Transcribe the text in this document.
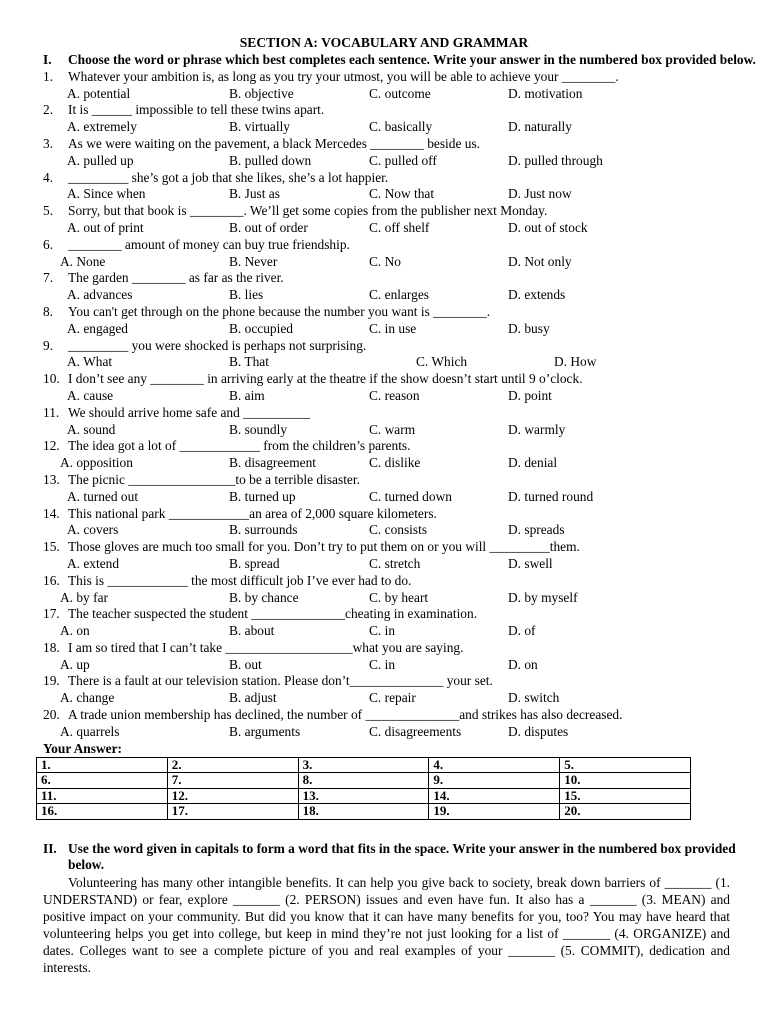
SECTION A: VOCABULARY AND GRAMMAR
I. Choose the word or phrase which best completes each sentence. Write your answer in the numbered box provided below.
1. Whatever your ambition is, as long as you try your utmost, you will be able to achieve your ________.
A. potential	B. objective	C. outcome	D. motivation
2. It is ______ impossible to tell these twins apart.
A. extremely	B. virtually	C. basically	D. naturally
3. As we were waiting on the pavement, a black Mercedes ________ beside us.
A. pulled up	B. pulled down	C. pulled off	D. pulled through
4. _________ she’s got a job that she likes, she’s a lot happier.
A. Since when	B. Just as	C. Now that	D. Just now
5. Sorry, but that book is ________. We’ll get some copies from the publisher next Monday.
A. out of print	B. out of order	C. off shelf	D. out of stock
6. ________ amount of money can buy true friendship.
A. None	B. Never	C. No	D. Not only
7. The garden ________ as far as the river.
A. advances	B. lies	C. enlarges	D. extends
8. You can't get through on the phone because the number you want is ________.
A. engaged	B. occupied	C. in use	D. busy
9. _________ you were shocked is perhaps not surprising.
A. What	B. That	C. Which	D. How
10. I don’t see any ________ in arriving early at the theatre if the show doesn’t start until 9 o’clock.
A. cause	B. aim	C. reason	D. point
11. We should arrive home safe and __________
A. sound	B. soundly	C. warm	D. warmly
12. The idea got a lot of ____________ from the children’s parents.
A. opposition	B. disagreement	C. dislike	D. denial
13. The picnic ________________to be a terrible disaster.
A. turned out	B. turned up	C. turned down	D. turned round
14. This national park ____________an area of 2,000 square kilometers.
A. covers	B. surrounds	C. consists	D. spreads
15. Those gloves are much too small for you. Don’t try to put them on or you will _________them.
A. extend	B. spread	C. stretch	D. swell
16. This is ____________ the most difficult job I’ve ever had to do.
A. by far	B. by chance	C. by heart	D. by myself
17. The teacher suspected the student ______________cheating in examination.
A. on	B. about	C. in	D. of
18. I am so tired that I can’t take ___________________what you are saying.
A. up	B. out	C. in	D. on
19. There is a fault at our television station. Please don’t______________ your set.
A. change	B. adjust	C. repair	D. switch
20. A trade union membership has declined, the number of ______________and strikes has also decreased.
A. quarrels	B. arguments	C. disagreements	D. disputes
Your Answer:
1.	2.	3.	4.	5.
6.	7.	8.	9.	10.
11.	12.	13.	14.	15.
16.	17.	18.	19.	20.
II. Use the word given in capitals to form a word that fits in the space. Write your answer in the numbered box provided below.
Volunteering has many other intangible benefits. It can help you give back to society, break down barriers of _______ (1. UNDERSTAND) or fear, explore _______ (2. PERSON) issues and even have fun. It also has a _______ (3. MEAN) and positive impact on your community. But did you know that it can have many benefits for you, too? You may have heard that volunteering helps you get into college, but keep in mind they’re not just looking for a list of _______ (4. ORGANIZE) and dates. Colleges want to see a complete picture of you and real examples of your _______ (5. COMMIT), dedication and interests.
